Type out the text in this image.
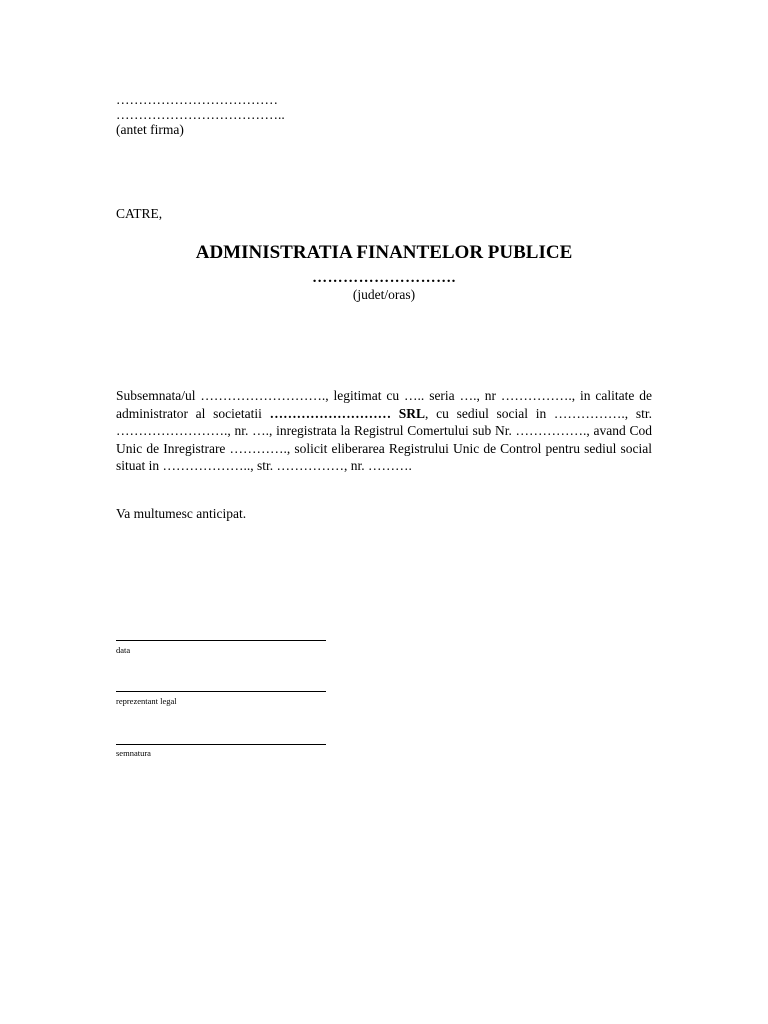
………………………………
………………………………..
(antet firma)
CATRE,
ADMINISTRATIA FINANTELOR PUBLICE
……………………….
(judet/oras)
Subsemnata/ul ………………………., legitimat cu ….. seria …., nr ……………., in calitate de administrator al societatii ……………………… SRL, cu sediul social in ……………., str. ……………………., nr. …., inregistrata la Registrul Comertului sub Nr. ……………., avand Cod Unic de Inregistrare …………., solicit eliberarea Registrului Unic de Control pentru sediul social situat in ……………….., str. ……………, nr. ……….
Va multumesc anticipat.
data
reprezentant legal
semnatura
